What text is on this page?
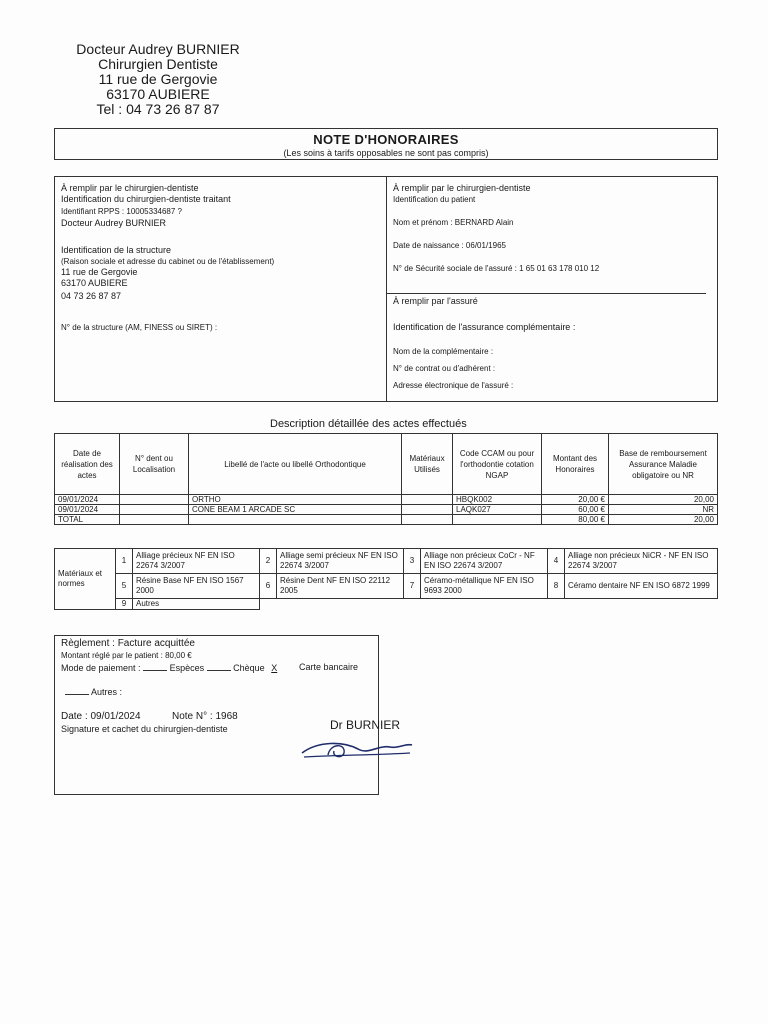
Docteur Audrey BURNIER
Chirurgien Dentiste
11 rue de Gergovie
63170 AUBIERE
Tel : 04 73 26 87 87
NOTE D'HONORAIRES
(Les soins à tarifs opposables ne sont pas compris)
À remplir par le chirurgien-dentiste
Identification du chirurgien-dentiste traitant
Identifiant RPPS : 10005334687 ?
Docteur Audrey BURNIER
Identification de la structure
(Raison sociale et adresse du cabinet ou de l'établissement)
11 rue de Gergovie
63170 AUBIERE
04 73 26 87 87
N° de la structure (AM, FINESS ou SIRET) :
À remplir par le chirurgien-dentiste
Identification du patient
Nom et prénom : BERNARD Alain
Date de naissance : 06/01/1965
N° de Sécurité sociale de l'assuré : 1 65 01 63 178 010 12
À remplir par l'assuré
Identification de l'assurance complémentaire :
Nom de la complémentaire :
N° de contrat ou d'adhérent :
Adresse électronique de l'assuré :
Description détaillée des actes effectués
Date de réalisation des actes	N° dent ou Localisation	Libellé de l'acte ou libellé Orthodontique	Matériaux Utilisés	Code CCAM ou pour l'orthodontie cotation NGAP	Montant des Honoraires	Base de remboursement Assurance Maladie obligatoire ou NR
09/01/2024		ORTHO		HBQK002	20,00 €	20,00
09/01/2024		CONE BEAM 1 ARCADE SC		LAQK027	60,00 €	NR
TOTAL					80,00 €	20,00
Matériaux et normes	1	Alliage précieux NF EN ISO 22674 3/2007	2	Alliage semi précieux NF EN ISO 22674 3/2007	3	Alliage non précieux CoCr - NF EN ISO 22674 3/2007	4	Alliage non précieux NiCR - NF EN ISO 22674 3/2007
	5	Résine Base NF EN ISO 1567 2000	6	Résine Dent NF EN ISO 22112 2005	7	Céramo-métallique NF EN ISO 9693 2000	8	Céramo dentaire NF EN ISO 6872 1999
	9	Autres						
Règlement : Facture acquittée
Montant réglé par le patient : 80,00 €
Mode de paiement :	Espèces	Chèque X	Carte bancaire
Autres :
Date : 09/01/2024	Note N° : 1968
Signature et cachet du chirurgien-dentiste	Dr BURNIER
